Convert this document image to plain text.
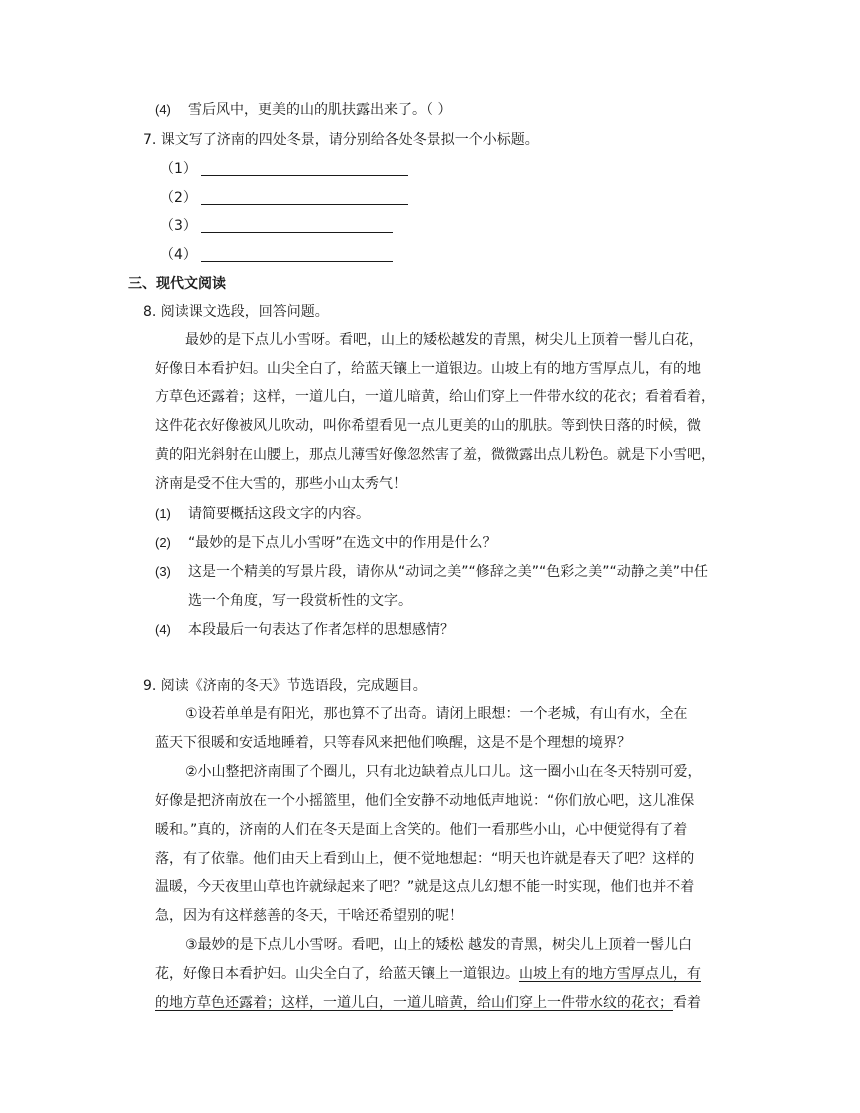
(4) 雪后风中，更美的山的肌扶露出来了。（ ）
7. 课文写了济南的四处冬景，请分别给各处冬景拟一个小标题。
（1）
（2）
（3）
（4）
三、现代文阅读
8. 阅读课文选段，回答问题。
最妙的是下点儿小雪呀。看吧，山上的矮松越发的青黑，树尖儿上顶着一髻儿白花，
好像日本看护妇。山尖全白了，给蓝天镶上一道银边。山坡上有的地方雪厚点儿，有的地
方草色还露着；这样，一道儿白，一道儿暗黄，给山们穿上一件带水纹的花衣；看着看着，
这件花衣好像被风儿吹动，叫你希望看见一点儿更美的山的肌肤。等到快日落的时候，微
黄的阳光斜射在山腰上，那点儿薄雪好像忽然害了羞，微微露出点儿粉色。就是下小雪吧，
济南是受不住大雪的，那些小山太秀气！
(1) 请简要概括这段文字的内容。
(2) “最妙的是下点儿小雪呀”在选文中的作用是什么？
(3) 这是一个精美的写景片段，请你从“动词之美”“修辞之美”“色彩之美”“动静之美”中任
选一个角度，写一段赏析性的文字。
(4) 本段最后一句表达了作者怎样的思想感情？
9. 阅读《济南的冬天》节选语段，完成题目。
①设若单单是有阳光，那也算不了出奇。请闭上眼想：一个老城，有山有水，全在
蓝天下很暖和安适地睡着，只等春风来把他们唤醒，这是不是个理想的境界？
②小山整把济南围了个圈儿，只有北边缺着点儿口儿。这一圈小山在冬天特别可爱，
好像是把济南放在一个小摇篮里，他们全安静不动地低声地说：“你们放心吧，这儿准保
暖和。”真的，济南的人们在冬天是面上含笑的。他们一看那些小山，心中便觉得有了着
落，有了依靠。他们由天上看到山上，便不觉地想起：“明天也许就是春天了吧？这样的
温暖，今天夜里山草也许就绿起来了吧？”就是这点儿幻想不能一时实现，他们也并不着
急，因为有这样慈善的冬天，干啥还希望别的呢！
③最妙的是下点儿小雪呀。看吧，山上的矮松 越发的青黑，树尖儿上顶着一髻儿白
花，好像日本看护妇。山尖全白了，给蓝天镶上一道银边。山坡上有的地方雪厚点儿，有
的地方草色还露着；这样，一道儿白，一道儿暗黄，给山们穿上一件带水纹的花衣；看着
